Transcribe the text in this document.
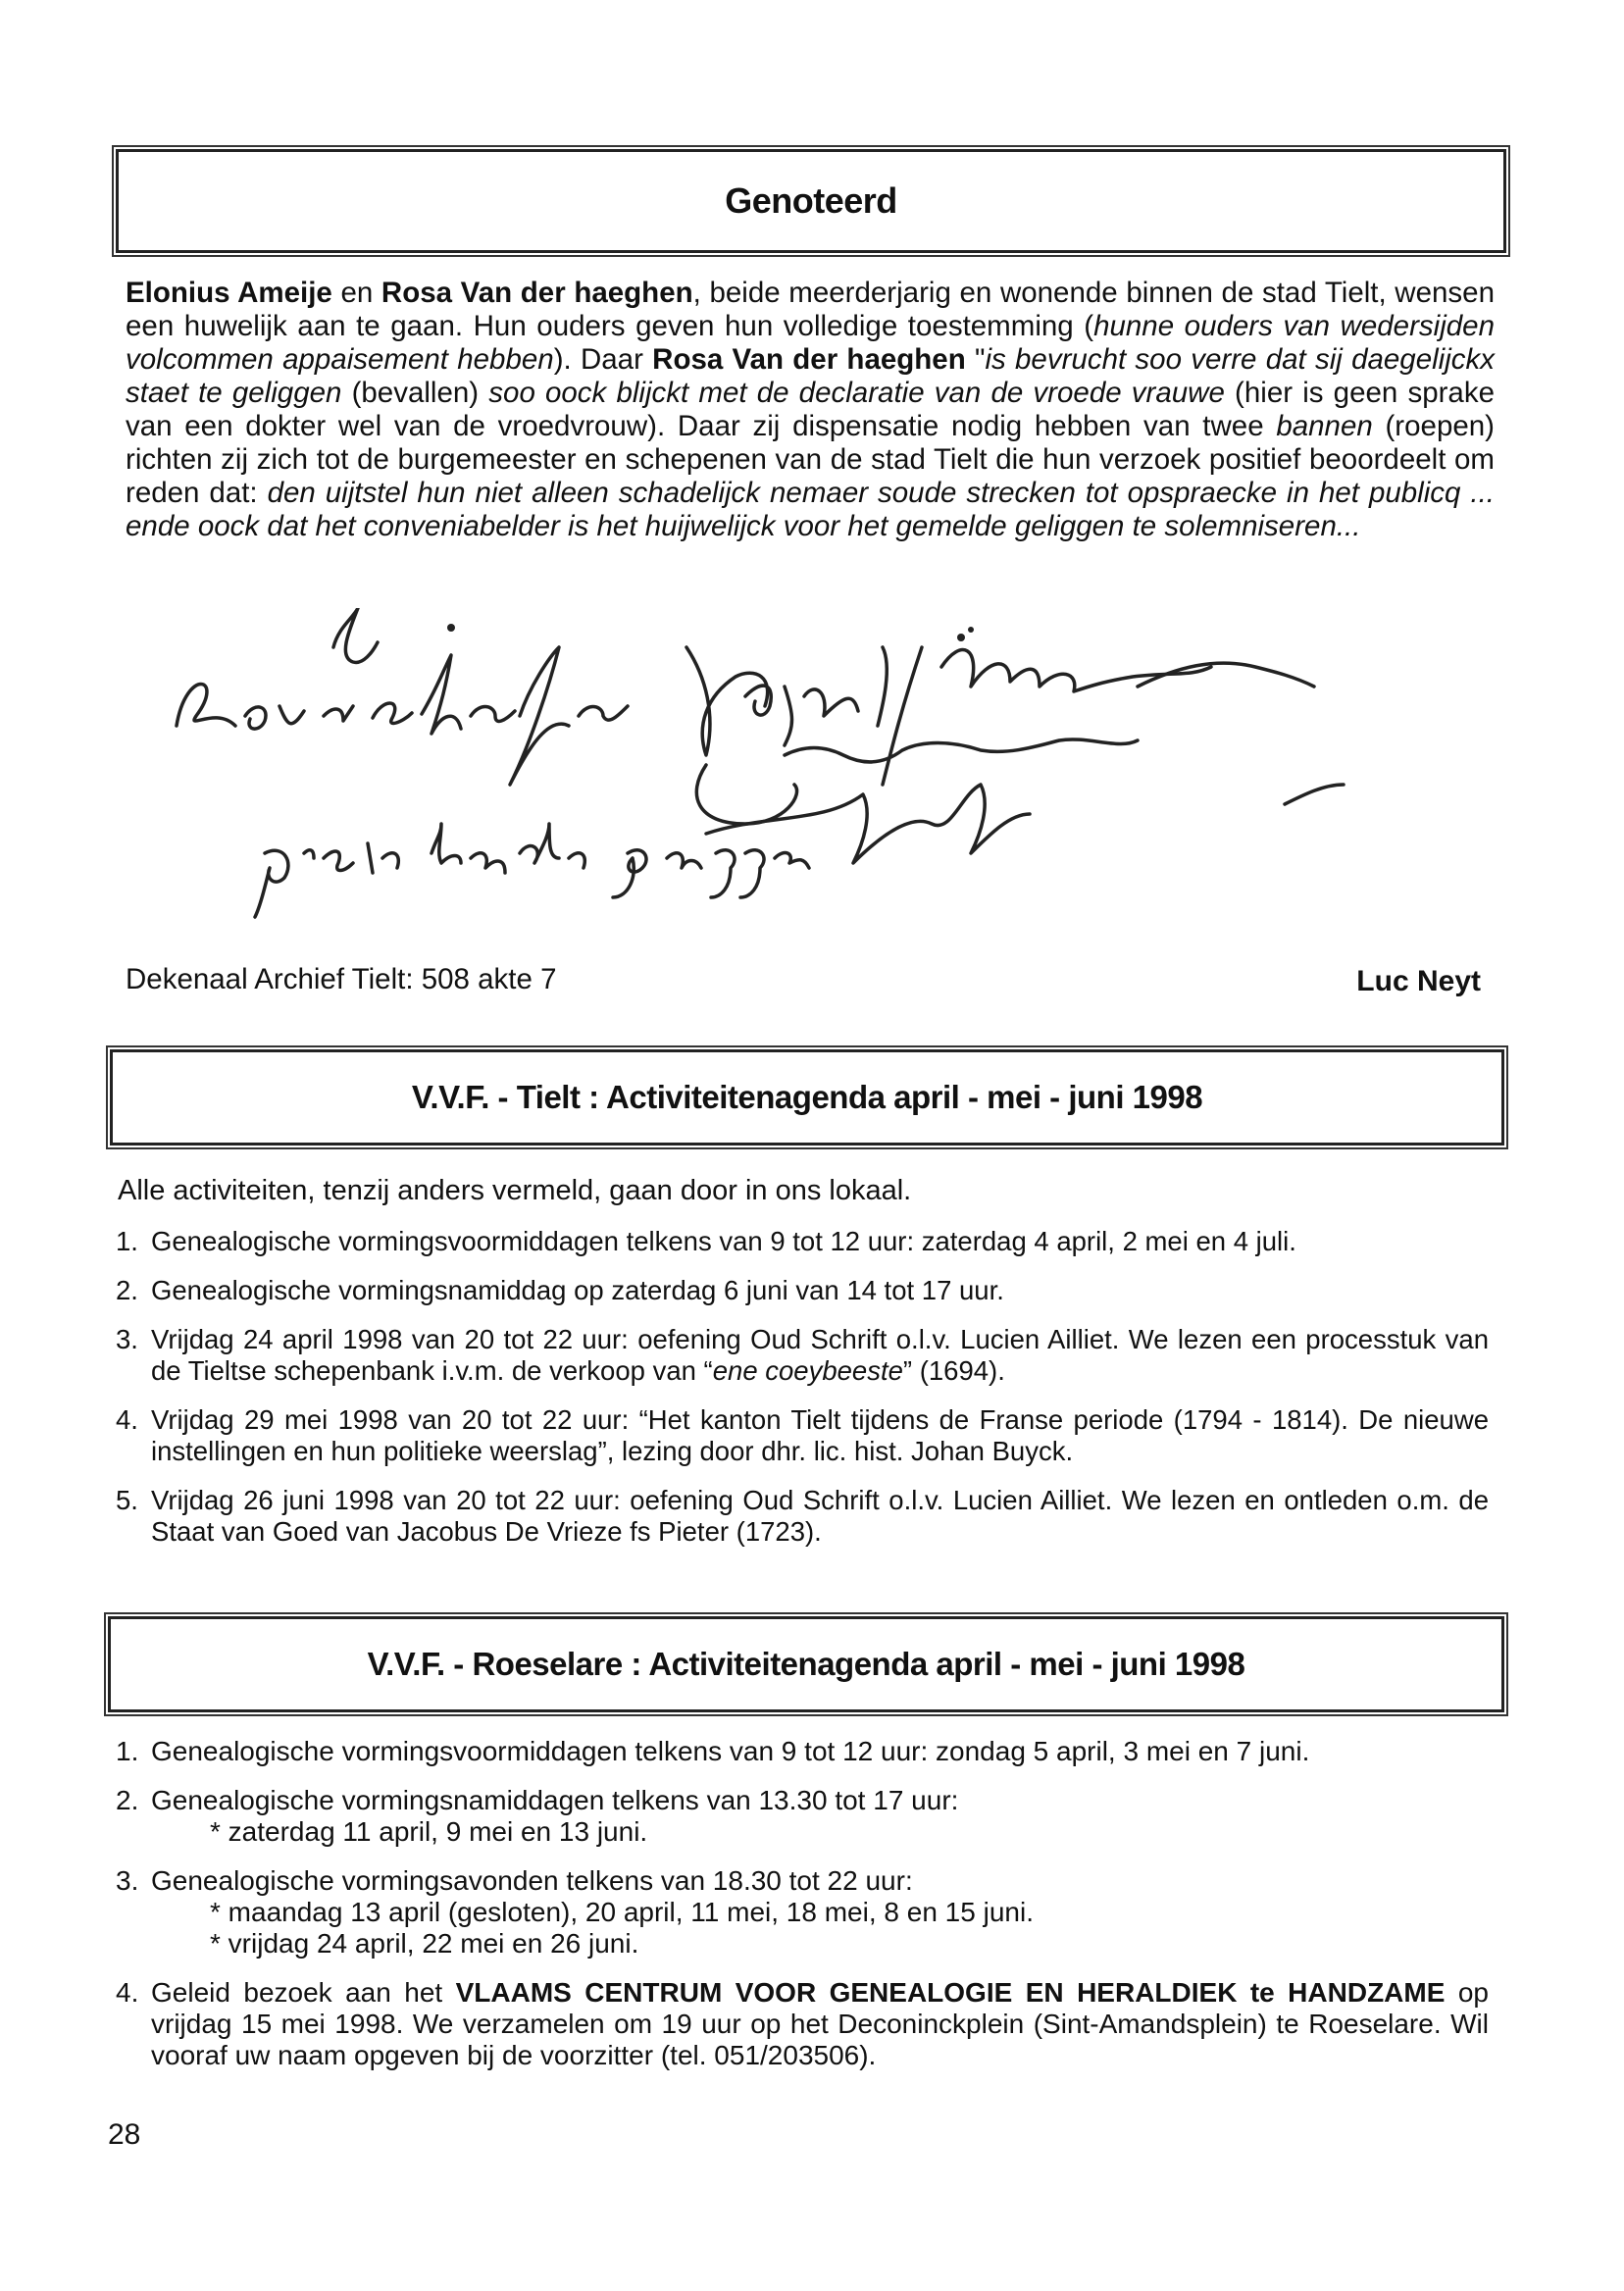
Genoteerd
Elonius Ameije en Rosa Van der haeghen, beide meerderjarig en wonende binnen de stad Tielt, wensen een huwelijk aan te gaan. Hun ouders geven hun volledige toestemming (hunne ouders van wedersijden volcommen appaisement hebben). Daar Rosa Van der haeghen "is bevrucht soo verre dat sij daegelijckx staet te geliggen (bevallen) soo oock blijckt met de declaratie van de vroede vrauwe (hier is geen sprake van een dokter wel van de vroedvrouw). Daar zij dispensatie nodig hebben van twee bannen (roepen) richten zij zich tot de burgemeester en schepenen van de stad Tielt die hun verzoek positief beoordeelt om reden dat: den uijtstel hun niet alleen schadelijck nemaer soude strecken tot opspraecke in het publicq ... ende oock dat het conveniabelder is het huijwelijck voor het gemelde geliggen te solemniseren...
Dekenaal Archief Tielt: 508 akte 7	Luc Neyt
V.V.F. - Tielt : Activiteitenagenda april - mei - juni 1998
Alle activiteiten, tenzij anders vermeld, gaan door in ons lokaal.
1. Genealogische vormingsvoormiddagen telkens van 9 tot 12 uur: zaterdag 4 april, 2 mei en 4 juli.
2. Genealogische vormingsnamiddag op zaterdag 6 juni van 14 tot 17 uur.
3. Vrijdag 24 april 1998 van 20 tot 22 uur: oefening Oud Schrift o.l.v. Lucien Ailliet. We lezen een processtuk van de Tieltse schepenbank i.v.m. de verkoop van “ene coeybeeste” (1694).
4. Vrijdag 29 mei 1998 van 20 tot 22 uur: “Het kanton Tielt tijdens de Franse periode (1794 - 1814). De nieuwe instellingen en hun politieke weerslag”, lezing door dhr. lic. hist. Johan Buyck.
5. Vrijdag 26 juni 1998 van 20 tot 22 uur: oefening Oud Schrift o.l.v. Lucien Ailliet. We lezen en ontleden o.m. de Staat van Goed van Jacobus De Vrieze fs Pieter (1723).
V.V.F. - Roeselare : Activiteitenagenda april - mei - juni 1998
1. Genealogische vormingsvoormiddagen telkens van 9 tot 12 uur: zondag 5 april, 3 mei en 7 juni.
2. Genealogische vormingsnamiddagen telkens van 13.30 tot 17 uur:
* zaterdag 11 april, 9 mei en 13 juni.
3. Genealogische vormingsavonden telkens van 18.30 tot 22 uur:
* maandag 13 april (gesloten), 20 april, 11 mei, 18 mei, 8 en 15 juni.
* vrijdag 24 april, 22 mei en 26 juni.
4. Geleid bezoek aan het VLAAMS CENTRUM VOOR GENEALOGIE EN HERALDIEK te HANDZAME op vrijdag 15 mei 1998. We verzamelen om 19 uur op het Deconinckplein (Sint-Amandsplein) te Roeselare. Wil vooraf uw naam opgeven bij de voorzitter (tel. 051/203506).
28
